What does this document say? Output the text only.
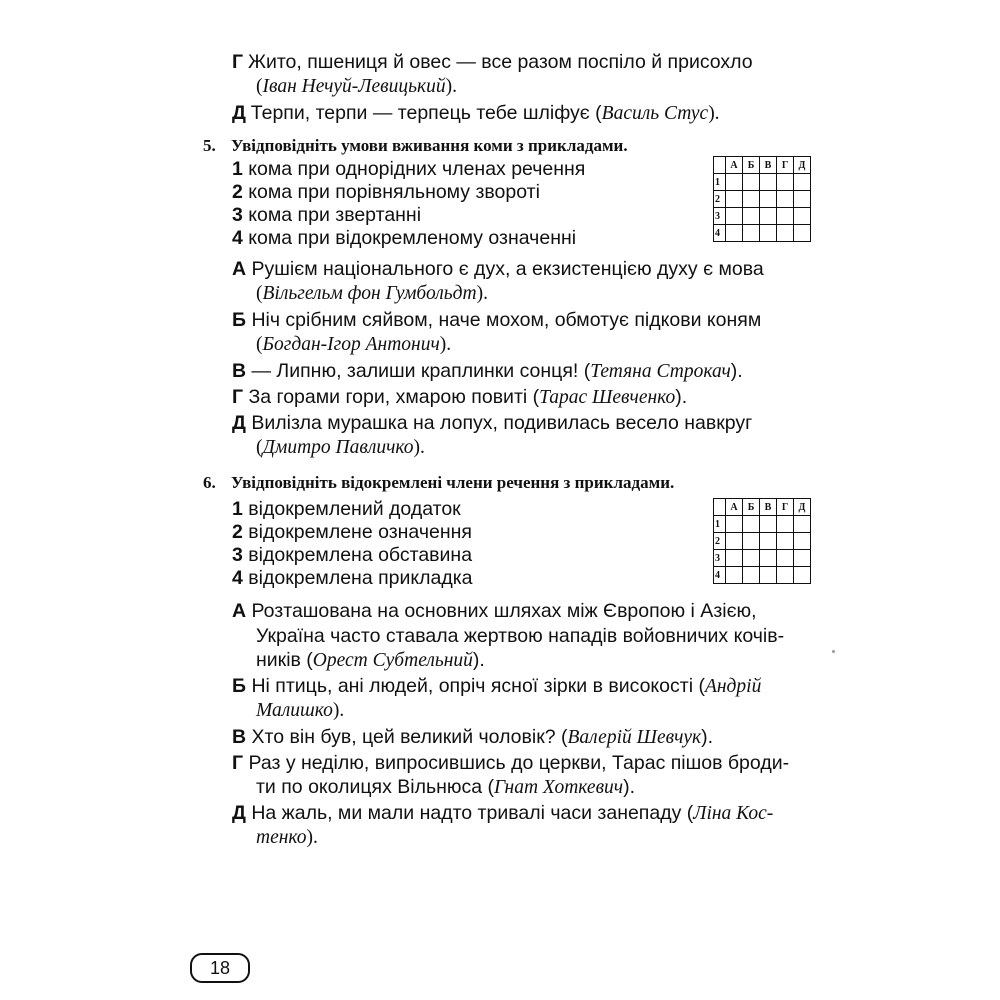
Г Жито, пшениця й овес — все разом поспіло й присохло
(Іван Нечуй-Левицький).
Д Терпи, терпи — терпець тебе шліфує (Василь Стус).
5. Увідповідніть умови вживання коми з прикладами.
1 кома при однорідних членах речення
2 кома при порівняльному звороті
3 кома при звертанні
4 кома при відокремленому означенні
	А	Б	В	Г	Д
1					
2					
3					
4					
А Рушієм національного є дух, а екзистенцією духу є мова
(Вільгельм фон Гумбольдт).
Б Ніч срібним сяйвом, наче мохом, обмотує підкови коням
(Богдан-Ігор Антонич).
В — Липню, залиши краплинки сонця! (Тетяна Строкач).
Г За горами гори, хмарою повиті (Тарас Шевченко).
Д Вилізла мурашка на лопух, подивилась весело навкруг
(Дмитро Павличко).
6. Увідповідніть відокремлені члени речення з прикладами.
1 відокремлений додаток
2 відокремлене означення
3 відокремлена обставина
4 відокремлена прикладка
	А	Б	В	Г	Д
1					
2					
3					
4					
А Розташована на основних шляхах між Європою і Азією,
Україна часто ставала жертвою нападів войовничих кочів-
ників (Орест Субтельний).
Б Ні птиць, ані людей, опріч ясної зірки в високості (Андрій
Малишко).
В Хто він був, цей великий чоловік? (Валерій Шевчук).
Г Раз у неділю, випросившись до церкви, Тарас пішов броди-
ти по околицях Вільнюса (Гнат Хоткевич).
Д На жаль, ми мали надто тривалі часи занепаду (Ліна Кос-
тенко).
18
